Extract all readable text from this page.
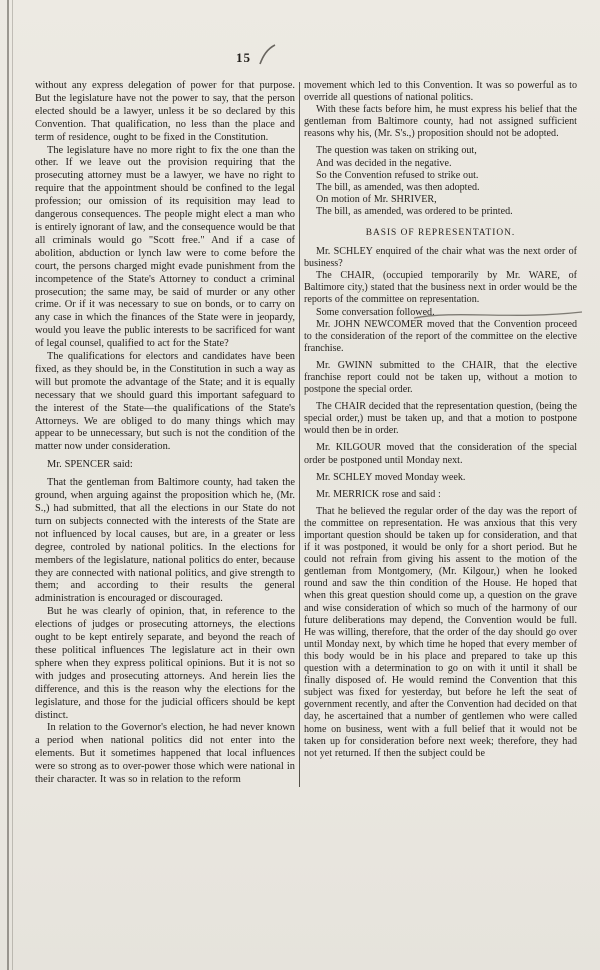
15

without any express delegation of power for that purpose. But the legislature have not the power to say, that the person elected should be a lawyer, unless it be so declared by this Convention. That qualification, no less than the place and term of residence, ought to be fixed in the Constitution.

The legislature have no more right to fix the one than the other. If we leave out the provision requiring that the prosecuting attorney must be a lawyer, we have no right to require that the appointment should be confined to the legal profession; our omission of its requisition may lead to dangerous consequences. The people might elect a man who is entirely ignorant of law, and the consequence would be that all criminals would go "Scott free." And if a case of abolition, abduction or lynch law were to come before the court, the persons charged might evade punishment from the incompetence of the State's Attorney to conduct a criminal prosecution; the same may, be said of murder or any other crime. Or if it was necessary to sue on bonds, or to carry on any case in which the finances of the State were in jeopardy, would you leave the public interests to be sacrificed for want of legal counsel, qualified to act for the State?

The qualifications for electors and candidates have been fixed, as they should be, in the Constitution in such a way as will but promote the advantage of the State; and it is equally necessary that we should guard this important safeguard to the interest of the State—the qualifications of the State's Attorneys. We are obliged to do many things which may appear to be unnecessary, but such is not the condition of the matter now under consideration.

Mr. SPENCER said:

That the gentleman from Baltimore county, had taken the ground, when arguing against the proposition which he, (Mr. S.,) had submitted, that all the elections in our State do not turn on subjects connected with the interests of the State are not influenced by local causes, but are, in a greater or less degree, controled by national politics. In the elections for members of the legislature, national politics do enter, because they are connected with national politics, and give strength to them; and according to their results the general administration is encouraged or discouraged.

But he was clearly of opinion, that, in reference to the elections of judges or prosecuting attorneys, the elections ought to be kept entirely separate, and beyond the reach of these political influences The legislature act in their own sphere when they express political opinions. But it is not so with judges and prosecuting attorneys. And herein lies the difference, and this is the reason why the elections for the legislature, and those for the judicial officers should be kept distinct.

In relation to the Governor's election, he had never known a period when national politics did not enter into the elements. But it sometimes happened that local influences were so strong as to over-power those which were national in their character. It was so in relation to the reform

movement which led to this Convention. It was so powerful as to override all questions of national politics.

With these facts before him, he must express his belief that the gentleman from Baltimore county, had not assigned sufficient reasons why his, (Mr. S's.,) proposition should not be adopted.

The question was taken on striking out,

And was decided in the negative.

So the Convention refused to strike out.

The bill, as amended, was then adopted.

On motion of Mr. SHRIVER,

The bill, as amended, was ordered to be printed.

BASIS OF REPRESENTATION.

Mr. SCHLEY enquired of the chair what was the next order of business?

The CHAIR, (occupied temporarily by Mr. WARE, of Baltimore city,) stated that the business next in order would be the reports of the committee on representation.

Some conversation followed.

Mr. JOHN NEWCOMER moved that the Convention proceed to the consideration of the report of the committee on the elective franchise.

Mr. GWINN submitted to the CHAIR, that the elective franchise report could not be taken up, without a motion to postpone the special order.

The CHAIR decided that the representation question, (being the special order,) must be taken up, and that a motion to postpone would then be in order.

Mr. KILGOUR moved that the consideration of the special order be postponed until Monday next.

Mr. SCHLEY moved Monday week.

Mr. MERRICK rose and said :

That he believed the regular order of the day was the report of the committee on representation. He was anxious that this very important question should be taken up for consideration, and that if it was postponed, it would be only for a short period. But he could not refrain from giving his assent to the motion of the gentleman from Montgomery, (Mr. Kilgour,) when he looked round and saw the thin condition of the House. He hoped that when this great question should come up, a question on the grave and wise consideration of which so much of the harmony of our future deliberations may depend, the Convention would be full. He was willing, therefore, that the order of the day should go over until Monday next, by which time he hoped that every member of this body would be in his place and prepared to take up this question with a determination to go on with it until it shall be finally disposed of. He would remind the Convention that this subject was fixed for yesterday, but before he left the seat of government recently, and after the Convention had decided on that day, he ascertained that a number of gentlemen who were called home on business, went with a full belief that it would not be taken up for consideration before next week; therefore, they had not yet returned. If then the subject could be
